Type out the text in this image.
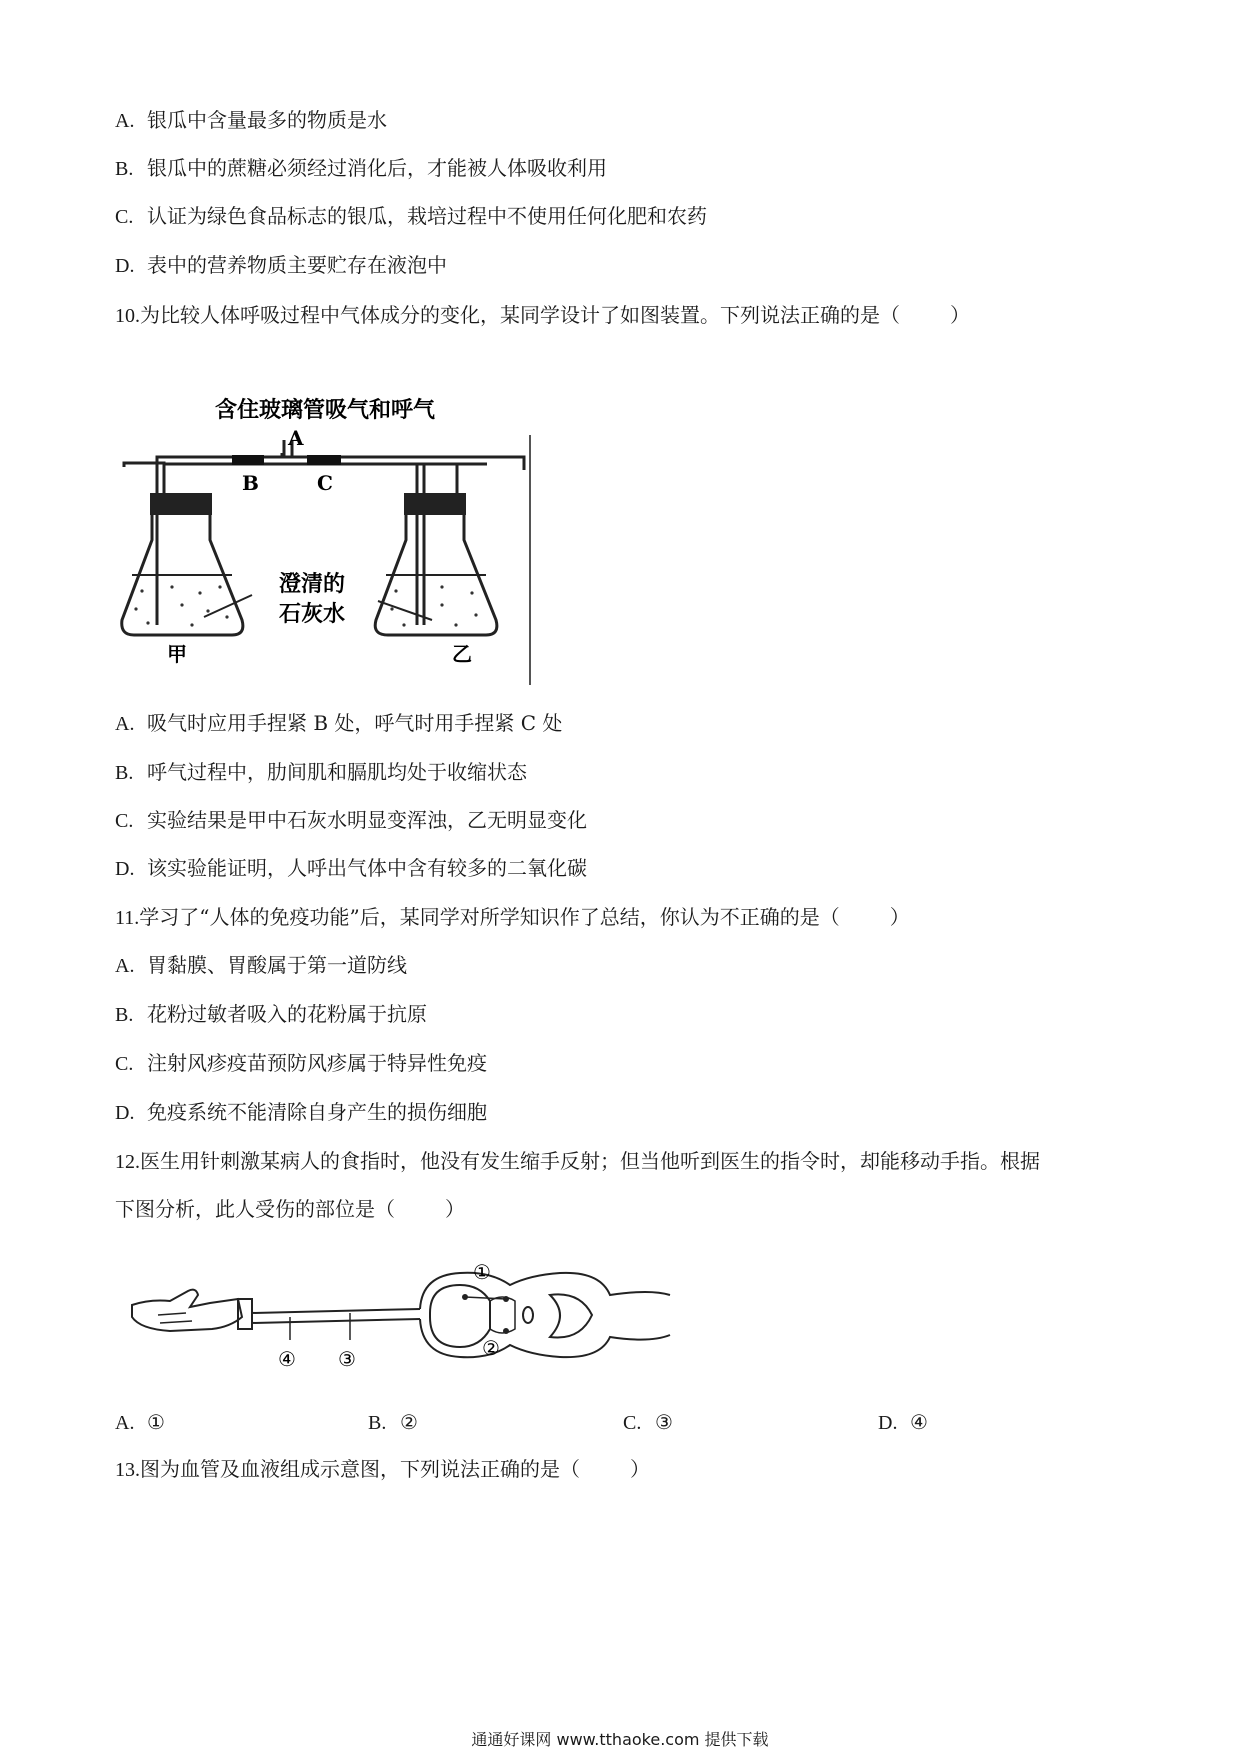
A. 银瓜中含量最多的物质是水
B. 银瓜中的蔗糖必须经过消化后，才能被人体吸收利用
C. 认证为绿色食品标志的银瓜，栽培过程中不使用任何化肥和农药
D. 表中的营养物质主要贮存在液泡中
10.为比较人体呼吸过程中气体成分的变化，某同学设计了如图装置。下列说法正确的是（	）
含住玻璃管吸气和呼气
A
B	C
澄清的
石灰水
甲	乙
A. 吸气时应用手捏紧 B 处，呼气时用手捏紧 C 处
B. 呼气过程中，肋间肌和膈肌均处于收缩状态
C. 实验结果是甲中石灰水明显变浑浊，乙无明显变化
D. 该实验能证明，人呼出气体中含有较多的二氧化碳
11.学习了“人体的免疫功能”后，某同学对所学知识作了总结，你认为不正确的是（	）
A. 胃黏膜、胃酸属于第一道防线
B. 花粉过敏者吸入的花粉属于抗原
C. 注射风疹疫苗预防风疹属于特异性免疫
D. 免疫系统不能清除自身产生的损伤细胞
12.医生用针刺激某病人的食指时，他没有发生缩手反射；但当他听到医生的指令时，却能移动手指。根据
下图分析，此人受伤的部位是（	）
①
②
③
④
A. ①	B. ②	C. ③	D. ④
13.图为血管及血液组成示意图，下列说法正确的是（	）
通通好课网 www.tthaoke.com 提供下载
